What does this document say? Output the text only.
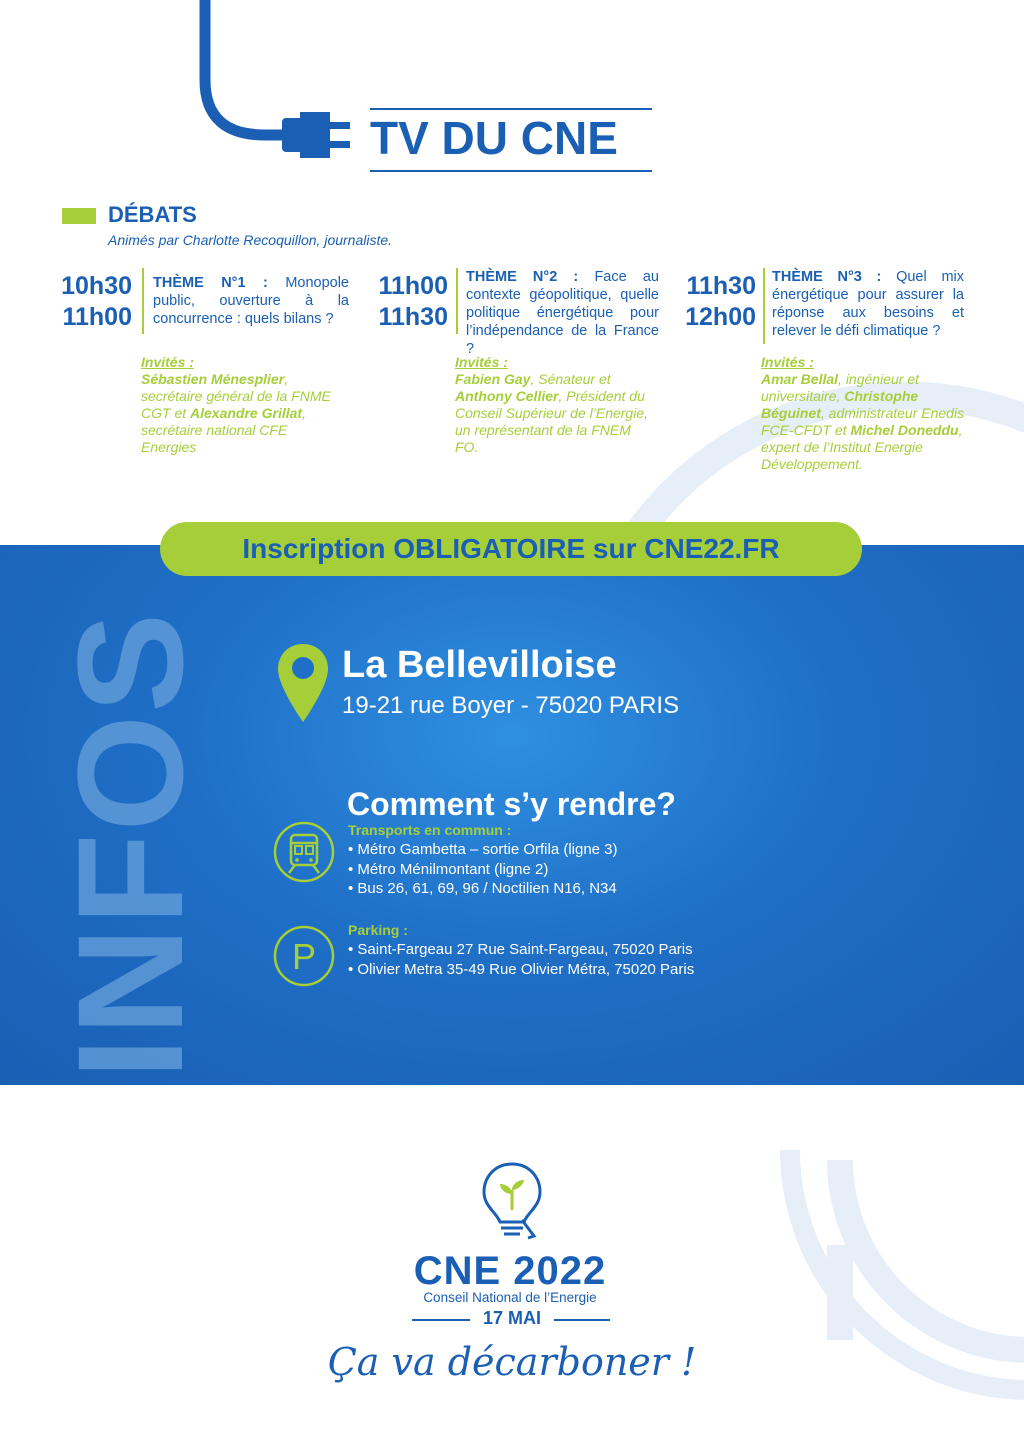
TV DU CNE
DÉBATS
Animés par Charlotte Recoquillon, journaliste.
10h30
11h00
THÈME N°1 : Monopole public, ouverture à la concurrence : quels bilans ?
Invités :
Sébastien Ménesplier, secrétaire général de la FNME CGT et Alexandre Grillat, secrétaire national CFE Energies
11h00
11h30
THÈME N°2 : Face au contexte géopolitique, quelle politique énergétique pour l’indépendance de la France ?
Invités :
Fabien Gay, Sénateur et Anthony Cellier, Président du Conseil Supérieur de l’Energie, un représentant de la FNEM FO.
11h30
12h00
THÈME N°3 : Quel mix énergétique pour assurer la réponse aux besoins et relever le défi climatique ?
Invités :
Amar Bellal, ingénieur et universitaire, Christophe Béguinet, administrateur Enedis FCE-CFDT et Michel Doneddu, expert de l’Institut Energie Développement.
INFOS
Inscription OBLIGATOIRE sur CNE22.FR
La Bellevilloise
19-21 rue Boyer - 75020 PARIS
Comment s’y rendre?
Transports en commun :
• Métro Gambetta – sortie Orfila (ligne 3)
• Métro Ménilmontant (ligne 2)
• Bus 26, 61, 69, 96 / Noctilien N16, N34
P
Parking :
• Saint-Fargeau 27 Rue Saint-Fargeau, 75020 Paris
• Olivier Metra 35-49 Rue Olivier Métra, 75020 Paris
CNE 2022
Conseil National de l’Energie
17 MAI
Ça va décarboner !
